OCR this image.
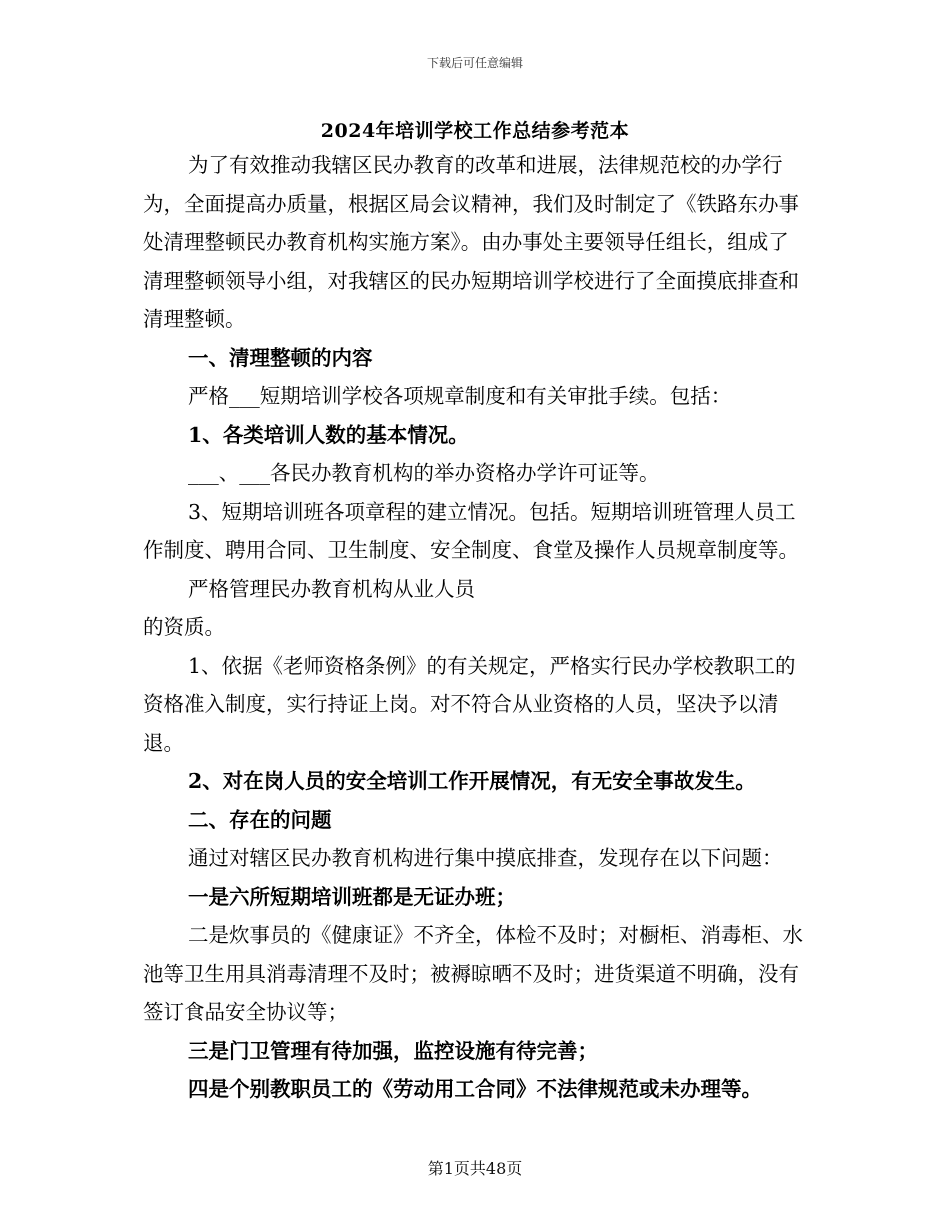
下载后可任意编辑
2024年培训学校工作总结参考范本

为了有效推动我辖区民办教育的改革和进展，法律规范校的办学行为，全面提高办质量，根据区局会议精神，我们及时制定了《铁路东办事处清理整顿民办教育机构实施方案》。由办事处主要领导任组长，组成了清理整顿领导小组，对我辖区的民办短期培训学校进行了全面摸底排查和清理整顿。

一、清理整顿的内容

严格___短期培训学校各项规章制度和有关审批手续。包括：

1、各类培训人数的基本情况。

___、___各民办教育机构的举办资格办学许可证等。

3、短期培训班各项章程的建立情况。包括。短期培训班管理人员工作制度、聘用合同、卫生制度、安全制度、食堂及操作人员规章制度等。

严格管理民办教育机构从业人员

的资质。

1、依据《老师资格条例》的有关规定，严格实行民办学校教职工的资格准入制度，实行持证上岗。对不符合从业资格的人员，坚决予以清退。

2、对在岗人员的安全培训工作开展情况，有无安全事故发生。

二、存在的问题

通过对辖区民办教育机构进行集中摸底排查，发现存在以下问题：

一是六所短期培训班都是无证办班；

二是炊事员的《健康证》不齐全，体检不及时；对橱柜、消毒柜、水池等卫生用具消毒清理不及时；被褥晾晒不及时；进货渠道不明确，没有签订食品安全协议等；

三是门卫管理有待加强，监控设施有待完善；

四是个别教职员工的《劳动用工合同》不法律规范或未办理等。

第1页共48页
